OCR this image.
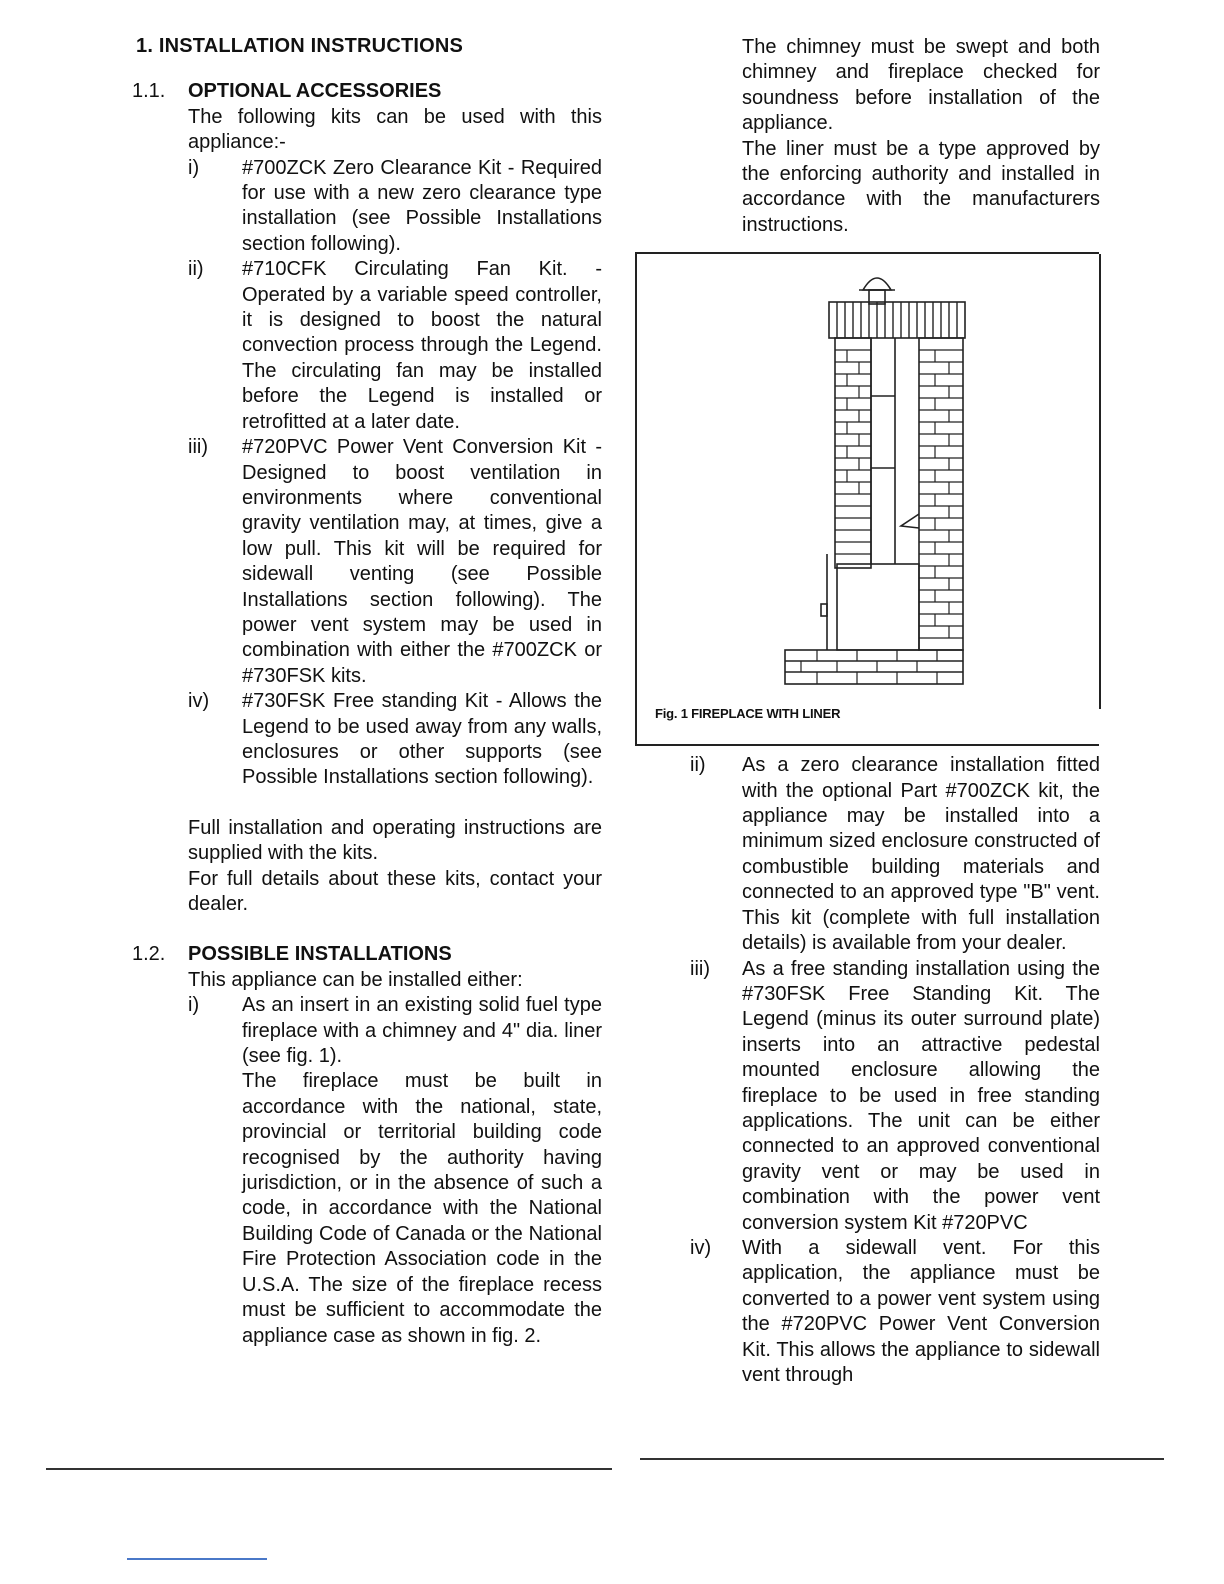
1. INSTALLATION INSTRUCTIONS
1.1.	OPTIONAL ACCESSORIES
The following kits can be used with this appliance:-
i)	#700ZCK Zero Clearance Kit - Required for use with a new zero clearance type installation (see Possible Installations section following).
ii)	#710CFK Circulating Fan Kit. - Operated by a variable speed controller, it is designed to boost the natural convection process through the Legend. The circulating fan may be installed before the Legend is installed or retrofitted at a later date.
iii)	#720PVC Power Vent Conversion Kit - Designed to boost ventilation in environments where conventional gravity ventilation may, at times, give a low pull. This kit will be required for sidewall venting (see Possible Installations section following). The power vent system may be used in combination with either the #700ZCK or #730FSK kits.
iv)	#730FSK Free standing Kit - Allows the Legend to be used away from any walls, enclosures or other supports (see Possible Installations section following).
Full installation and operating instructions are supplied with the kits.
For full details about these kits, contact your dealer.
1.2.	POSSIBLE INSTALLATIONS
This appliance can be installed either:
i)	As an insert in an existing solid fuel type fireplace with a chimney and 4" dia. liner (see fig. 1).
The fireplace must be built in accordance with the national, state, provincial or territorial building code recognised by the authority having jurisdiction, or in the absence of such a code, in accordance with the National Building Code of Canada or the National Fire Protection Association code in the U.S.A. The size of the fireplace recess must be sufficient to accommodate the appliance case as shown in fig. 2.
The chimney must be swept and both chimney and fireplace checked for soundness before installation of the appliance.
The liner must be a type approved by the enforcing authority and installed in accordance with the manufacturers instructions.
ii)	As a zero clearance installation fitted with the optional Part #700ZCK kit, the appliance may be installed into a minimum sized enclosure constructed of combustible building materials and connected to an approved type "B" vent. This kit (complete with full installation details) is available from your dealer.
iii)	As a free standing installation using the #730FSK Free Standing Kit. The Legend (minus its outer surround plate) inserts into an attractive pedestal mounted enclosure allowing the fireplace to be used in free standing applications. The unit can be either connected to an approved conventional gravity vent or may be used in combination with the power vent conversion system Kit #720PVC
iv)	With a sidewall vent. For this application, the appliance must be converted to a power vent system using the #720PVC Power Vent Conversion Kit. This allows the appliance to sidewall vent through
Fig. 1 FIREPLACE WITH LINER
